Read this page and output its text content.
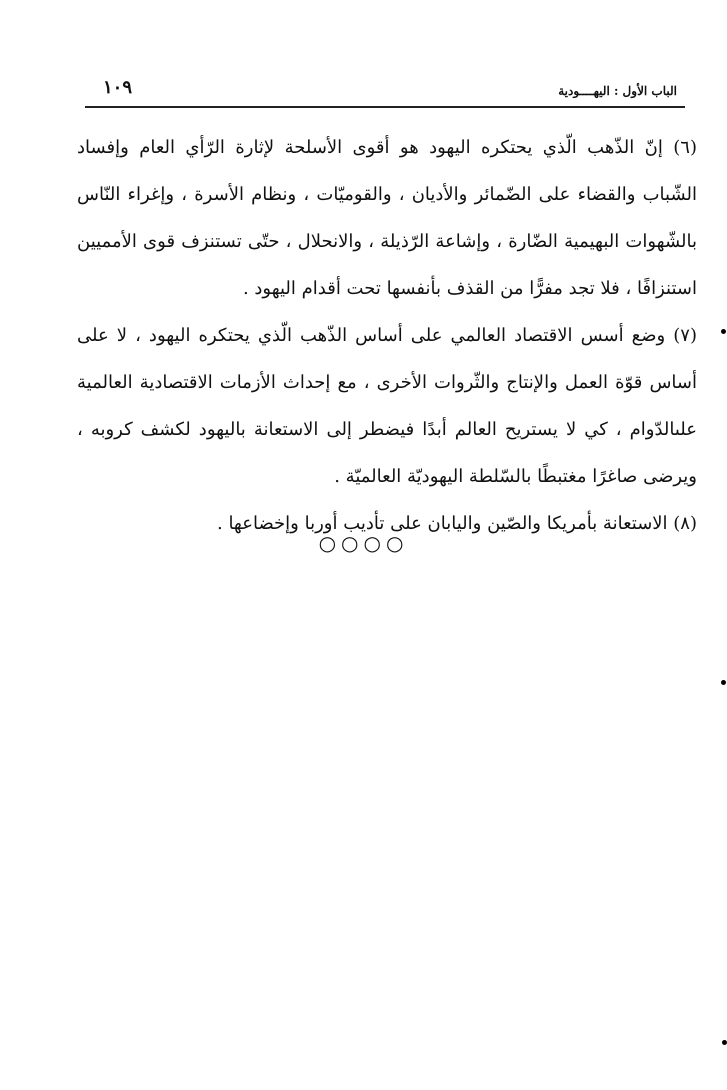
١٠٩	الباب الأول : اليهــــودية

(٦) إنّ الذّهب الّذي يحتكره اليهود هو أقوى الأسلحة لإثارة الرّأي العام وإفساد الشّباب والقضاء على الضّمائر والأديان ، والقوميّات ، ونظام الأسرة ، وإغراء النّاس بالشّهوات البهيمية الضّارة ، وإشاعة الرّذيلة ، والانحلال ، حتّى تستنزف قوى الأمميين استنزافًا ، فلا تجد مفرًّا من القذف بأنفسها تحت أقدام اليهود .

(٧) وضع أسس الاقتصاد العالمي على أساس الذّهب الّذي يحتكره اليهود ، لا على أساس قوّة العمل والإنتاج والثّروات الأخرى ، مع إحداث الأزمات الاقتصادية العالمية علىالدّوام ، كي لا يستريح العالم أبدًا فيضطر إلى الاستعانة باليهود لكشف كروبه ، ويرضى صاغرًا مغتبطًا بالسّلطة اليهوديّة العالميّة .

(٨) الاستعانة بأمريكا والصّين واليابان على تأديب أوربا وإخضاعها .

○○○○
